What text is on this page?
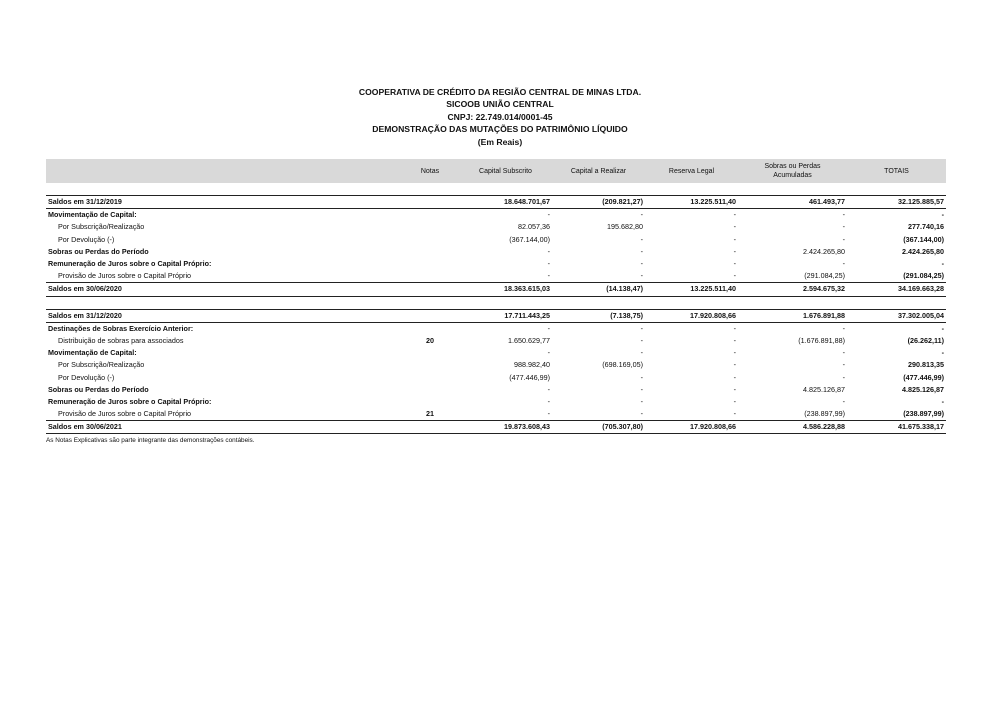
COOPERATIVA DE CRÉDITO DA REGIÃO CENTRAL DE MINAS LTDA.
SICOOB UNIÃO CENTRAL
CNPJ: 22.749.014/0001-45
DEMONSTRAÇÃO DAS MUTAÇÕES DO PATRIMÔNIO LÍQUIDO
(Em Reais)
	Notas	Capital Subscrito	Capital a Realizar	Reserva Legal	Sobras ou Perdas
Acumuladas	TOTAIS

Saldos em 31/12/2019		18.648.701,67	(209.821,27)	13.225.511,40	461.493,77	32.125.885,57
Movimentação de Capital:		-	-	-	-	-
Por Subscrição/Realização		82.057,36	195.682,80	-	-	277.740,16
Por Devolução (-)		(367.144,00)	-	-	-	(367.144,00)
Sobras ou Perdas do Período		-	-	-	2.424.265,80	2.424.265,80
Remuneração de Juros sobre o Capital Próprio:		-	-	-	-	-
Provisão de Juros sobre o Capital Próprio		-	-	-	(291.084,25)	(291.084,25)
Saldos em 30/06/2020		18.363.615,03	(14.138,47)	13.225.511,40	2.594.675,32	34.169.663,28

Saldos em 31/12/2020		17.711.443,25	(7.138,75)	17.920.808,66	1.676.891,88	37.302.005,04
Destinações de Sobras Exercício Anterior:		-	-	-	-	-
Distribuição de sobras para associados	20	1.650.629,77	-	-	(1.676.891,88)	(26.262,11)
Movimentação de Capital:		-	-	-	-	-
Por Subscrição/Realização		988.982,40	(698.169,05)	-	-	290.813,35
Por Devolução (-)		(477.446,99)	-	-	-	(477.446,99)
Sobras ou Perdas do Período		-	-	-	4.825.126,87	4.825.126,87
Remuneração de Juros sobre o Capital Próprio:		-	-	-	-	-
Provisão de Juros sobre o Capital Próprio	21	-	-	-	(238.897,99)	(238.897,99)
Saldos em 30/06/2021		19.873.608,43	(705.307,80)	17.920.808,66	4.586.228,88	41.675.338,17
As Notas Explicativas são parte integrante das demonstrações contábeis.
